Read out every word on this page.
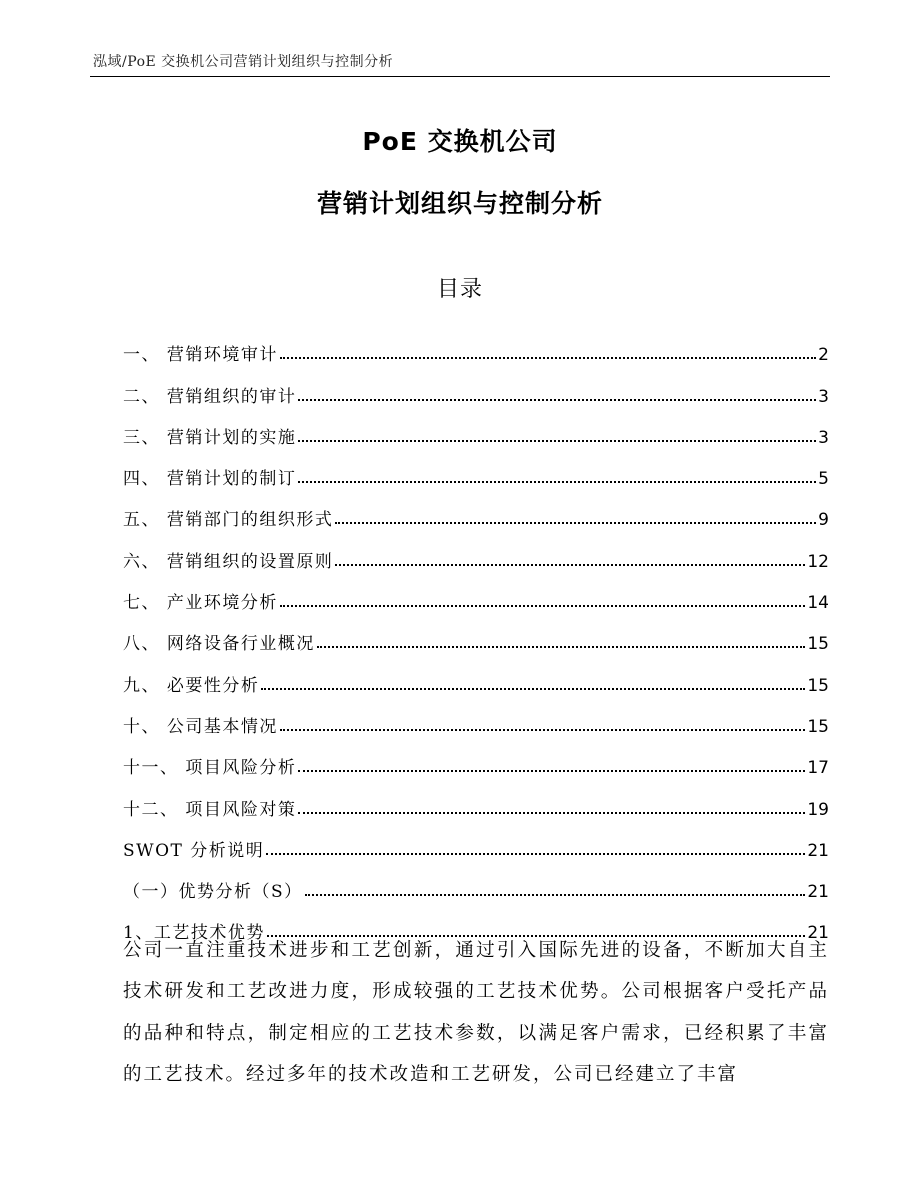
泓域/PoE 交换机公司营销计划组织与控制分析
PoE 交换机公司
营销计划组织与控制分析
目录
一、 营销环境审计	2
二、 营销组织的审计	3
三、 营销计划的实施	3
四、 营销计划的制订	5
五、 营销部门的组织形式	9
六、 营销组织的设置原则	12
七、 产业环境分析	14
八、 网络设备行业概况	15
九、 必要性分析	15
十、 公司基本情况	15
十一、 项目风险分析	17
十二、 项目风险对策	19
SWOT 分析说明	21
（一）优势分析（S）	21
1、工艺技术优势	21
公司一直注重技术进步和工艺创新，通过引入国际先进的设备，不断加大自主技术研发和工艺改进力度，形成较强的工艺技术优势。公司根据客户受托产品的品种和特点，制定相应的工艺技术参数，以满足客户需求，已经积累了丰富的工艺技术。经过多年的技术改造和工艺研发，公司已经建立了丰富
